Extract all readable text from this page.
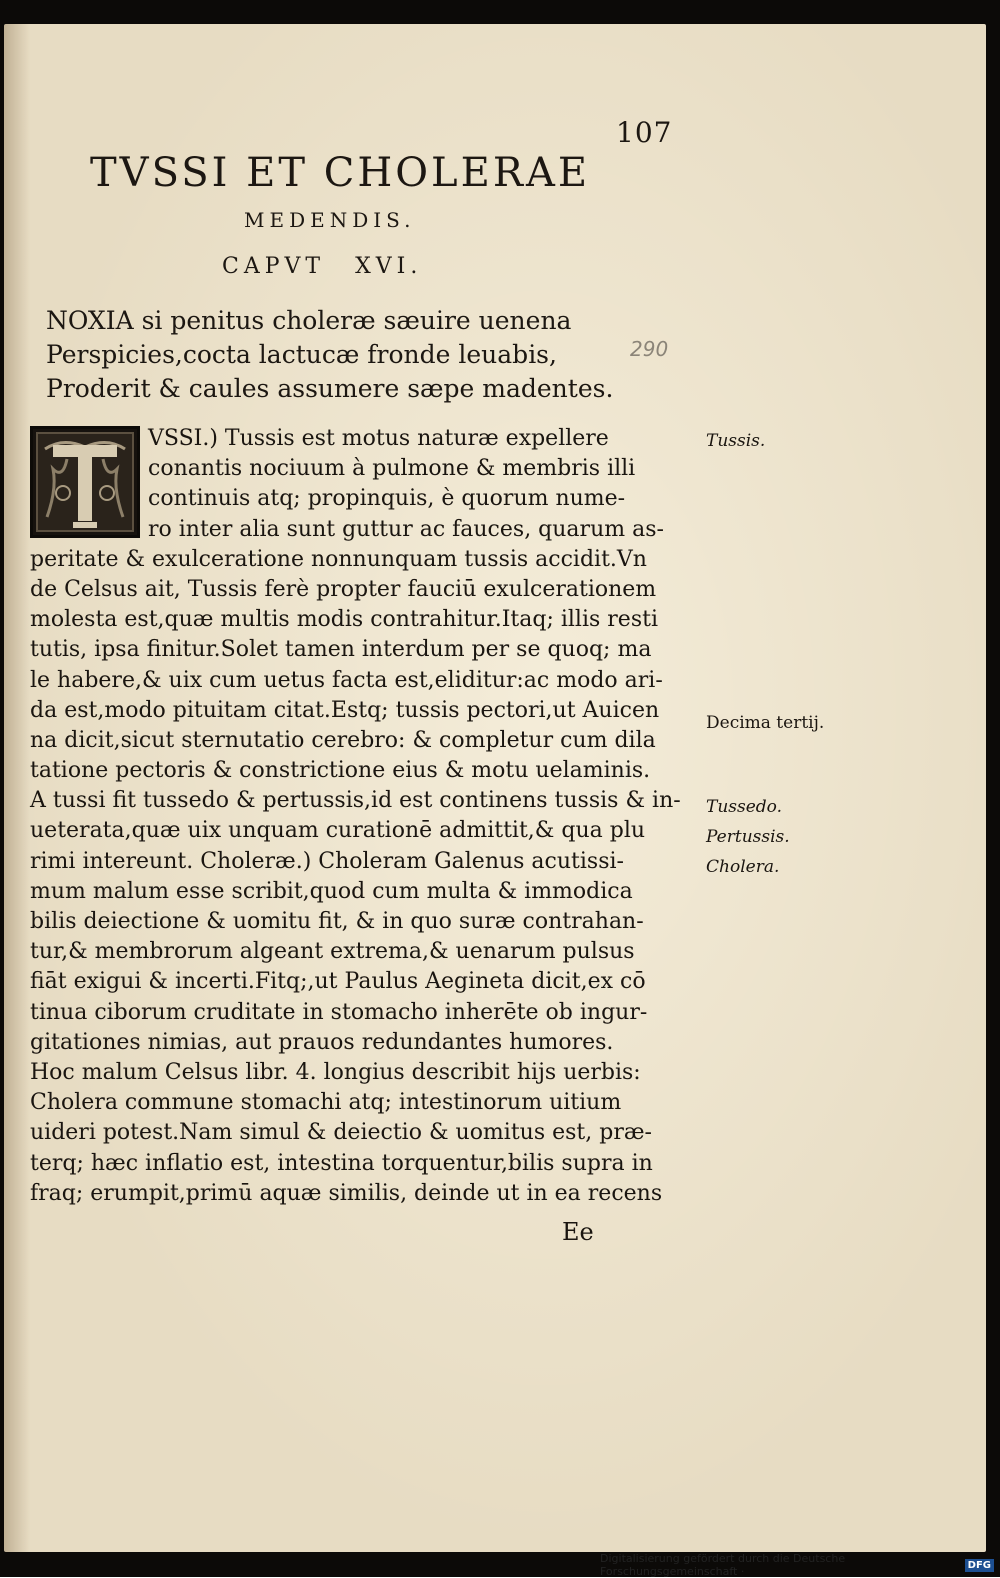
107
TVSSI ET CHOLERAE
MEDENDIS.
CAPVT XVI.
NOXIA si penitus choleræ sæuire uenena
Perspicies,cocta lactucæ fronde leuabis,
Proderit & caules assumere sæpe madentes.
290
VSSI.) Tussis est motus naturæ expellere
conantis nociuum à pulmone & membris illi
continuis atq; propinquis, è quorum nume-
ro inter alia sunt guttur ac fauces, quarum as-
peritate & exulceratione nonnunquam tussis accidit.Vn
de Celsus ait, Tussis ferè propter fauciū exulcerationem
molesta est,quæ multis modis contrahitur.Itaq; illis resti
tutis, ipsa finitur.Solet tamen interdum per se quoq; ma
le habere,& uix cum uetus facta est,eliditur:ac modo ari-
da est,modo pituitam citat.Estq; tussis pectori,ut Auicen
na dicit,sicut sternutatio cerebro: & completur cum dila
tatione pectoris & constrictione eius & motu uelaminis.
A tussi fit tussedo & pertussis,id est continens tussis & in-
ueterata,quæ uix unquam curationē admittit,& qua plu
rimi intereunt. Choleræ.) Choleram Galenus acutissi-
mum malum esse scribit,quod cum multa & immodica
bilis deiectione & uomitu fit, & in quo suræ contrahan-
tur,& membrorum algeant extrema,& uenarum pulsus
fiāt exigui & incerti.Fitq;,ut Paulus Aegineta dicit,ex cō
tinua ciborum cruditate in stomacho inherēte ob ingur-
gitationes nimias, aut prauos redundantes humores.
Hoc malum Celsus libr. 4. longius describit hijs uerbis:
Cholera commune stomachi atq; intestinorum uitium
uideri potest.Nam simul & deiectio & uomitus est, præ-
terq; hæc inflatio est, intestina torquentur,bilis supra in
fraq; erumpit,primū aquæ similis, deinde ut in ea recens
Tussis.
Decima tertij.
Tussedo.
Pertussis.
Cholera.
Ee
Digitalisierung gefördert durch die Deutsche Forschungsgemeinschaft ·	DFG
